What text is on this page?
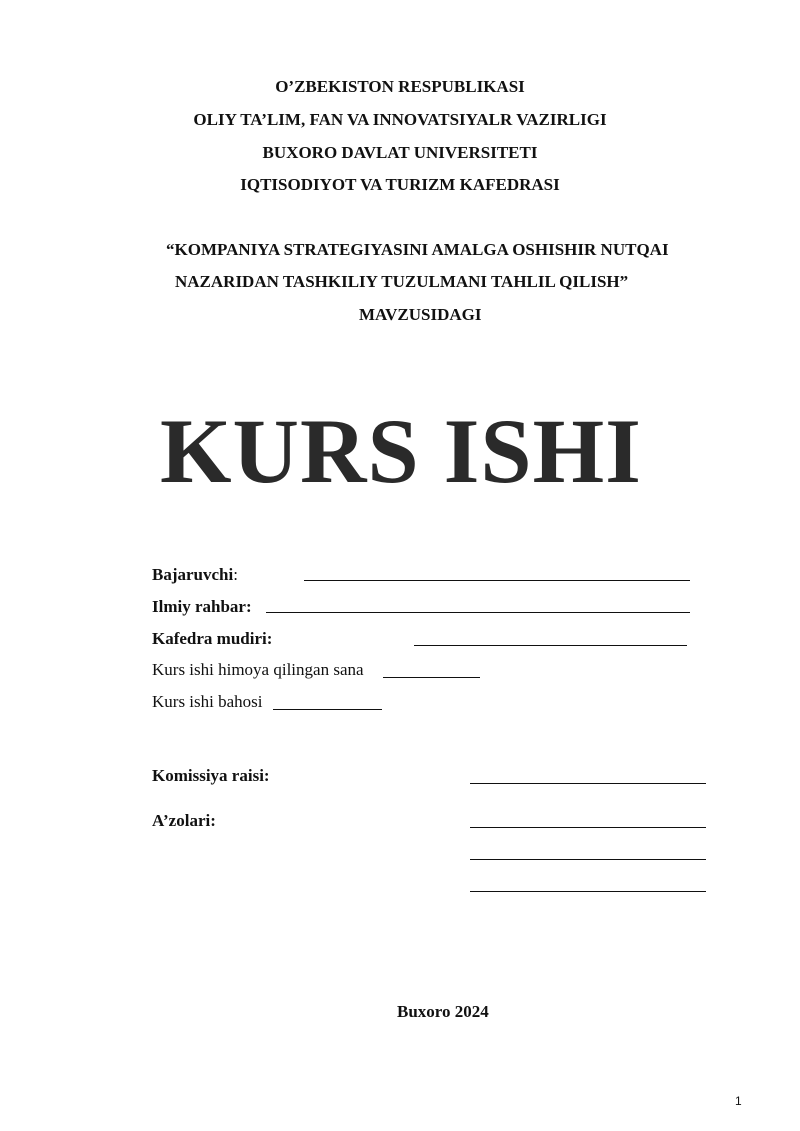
O’ZBEKISTON RESPUBLIKASI
OLIY TA’LIM, FAN VA INNOVATSIYALR VAZIRLIGI
BUXORO DAVLAT UNIVERSITETI
IQTISODIYOT VA TURIZM KAFEDRASI
“KOMPANIYA STRATEGIYASINI AMALGA OSHISHIR NUTQAI
NAZARIDAN TASHKILIY TUZULMANI TAHLIL QILISH”
MAVZUSIDAGI
KURS ISHI
Bajaruvchi:
Ilmiy rahbar:
Kafedra mudiri:
Kurs ishi himoya qilingan sana
Kurs ishi bahosi
Komissiya raisi:
A’zolari:
Buxoro 2024
1
